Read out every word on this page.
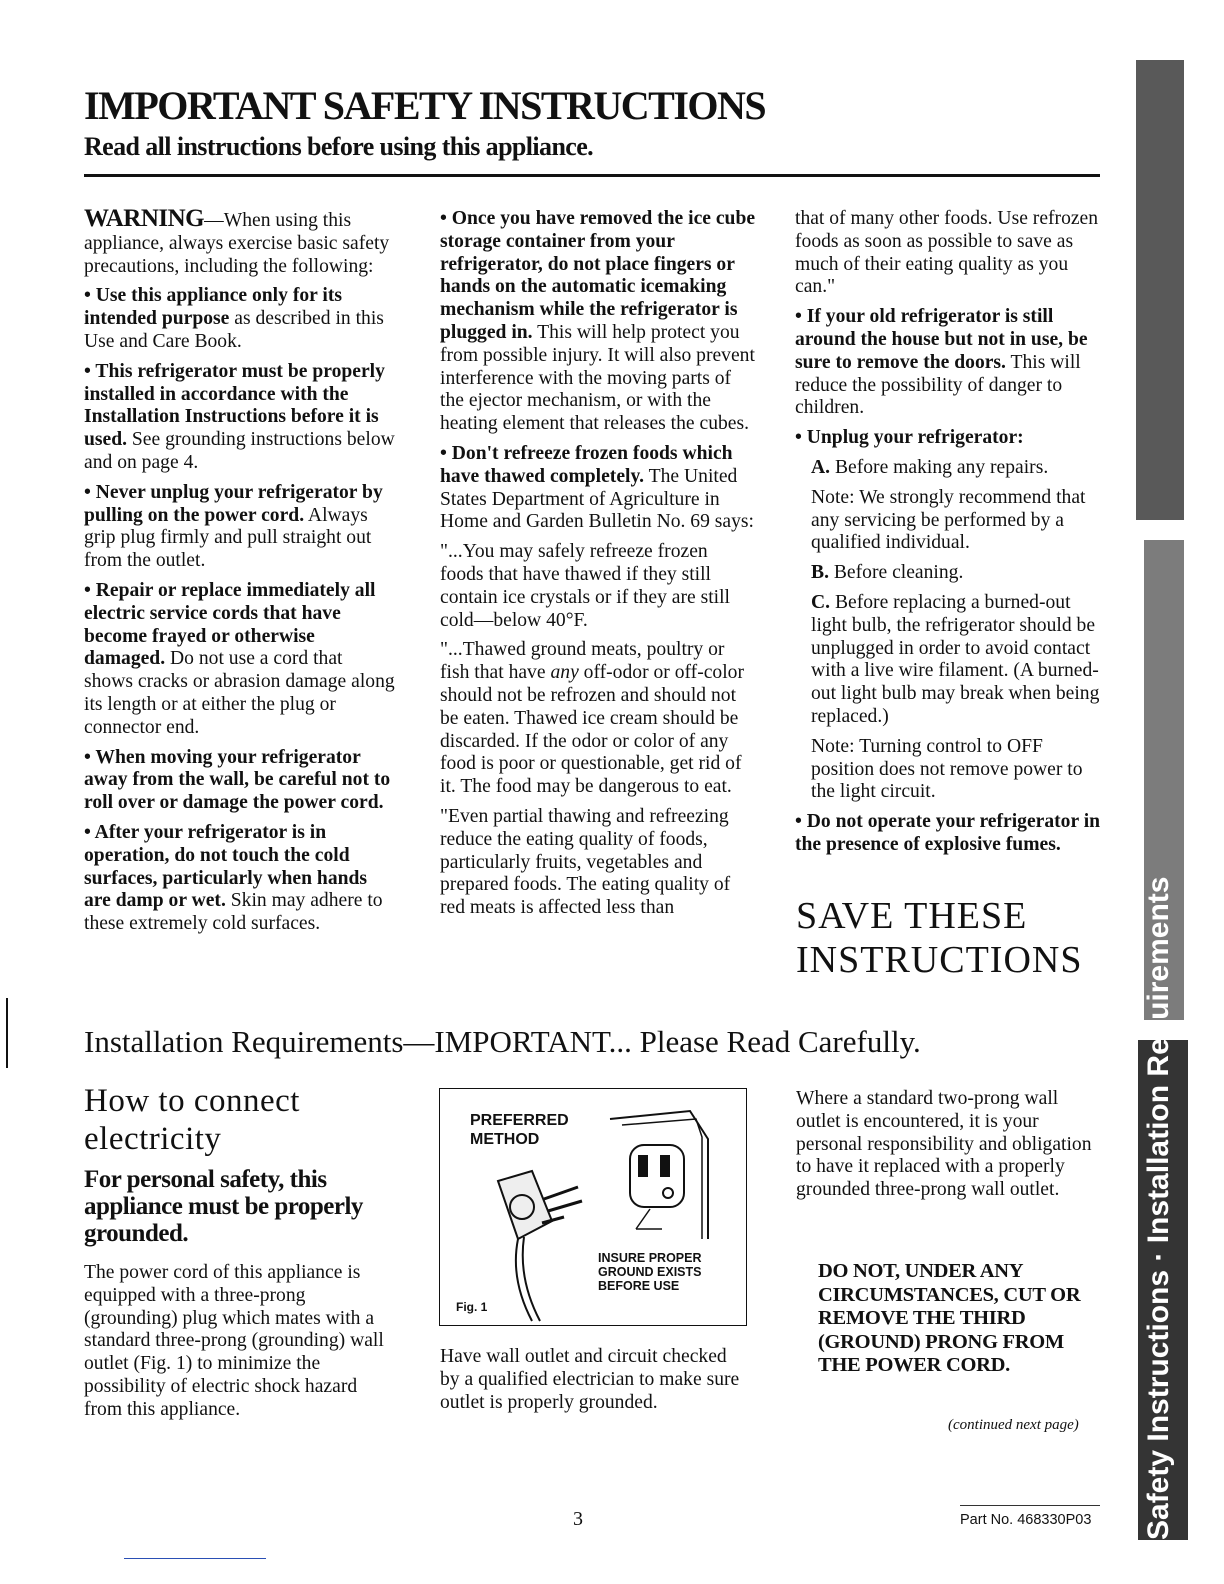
IMPORTANT SAFETY INSTRUCTIONS
Read all instructions before using this appliance.

WARNING—When using this appliance, always exercise basic safety precautions, including the following:

• Use this appliance only for its intended purpose as described in this Use and Care Book.

• This refrigerator must be properly installed in accordance with the Installation Instructions before it is used. See grounding instructions below and on page 4.

• Never unplug your refrigerator by pulling on the power cord. Always grip plug firmly and pull straight out from the outlet.

• Repair or replace immediately all electric service cords that have become frayed or otherwise damaged. Do not use a cord that shows cracks or abrasion damage along its length or at either the plug or connector end.

• When moving your refrigerator away from the wall, be careful not to roll over or damage the power cord.

• After your refrigerator is in operation, do not touch the cold surfaces, particularly when hands are damp or wet. Skin may adhere to these extremely cold surfaces.

• Once you have removed the ice cube storage container from your refrigerator, do not place fingers or hands on the automatic icemaking mechanism while the refrigerator is plugged in. This will help protect you from possible injury. It will also prevent interference with the moving parts of the ejector mechanism, or with the heating element that releases the cubes.

• Don't refreeze frozen foods which have thawed completely. The United States Department of Agriculture in Home and Garden Bulletin No. 69 says:

"...You may safely refreeze frozen foods that have thawed if they still contain ice crystals or if they are still cold—below 40°F.

"...Thawed ground meats, poultry or fish that have any off-odor or off-color should not be refrozen and should not be eaten. Thawed ice cream should be discarded. If the odor or color of any food is poor or questionable, get rid of it. The food may be dangerous to eat.

"Even partial thawing and refreezing reduce the eating quality of foods, particularly fruits, vegetables and prepared foods. The eating quality of red meats is affected less than

that of many other foods. Use refrozen foods as soon as possible to save as much of their eating quality as you can."

• If your old refrigerator is still around the house but not in use, be sure to remove the doors. This will reduce the possibility of danger to children.

• Unplug your refrigerator:

A. Before making any repairs.

Note: We strongly recommend that any servicing be performed by a qualified individual.

B. Before cleaning.

C. Before replacing a burned-out light bulb, the refrigerator should be unplugged in order to avoid contact with a live wire filament. (A burned-out light bulb may break when being replaced.)

Note: Turning control to OFF position does not remove power to the light circuit.

• Do not operate your refrigerator in the presence of explosive fumes.

SAVE THESE
INSTRUCTIONS
Installation Requirements—IMPORTANT... Please Read Carefully.
How to connect electricity
For personal safety, this appliance must be properly grounded.

The power cord of this appliance is equipped with a three-prong (grounding) plug which mates with a standard three-prong (grounding) wall outlet (Fig. 1) to minimize the possibility of electric shock hazard from this appliance.

PREFERRED
METHOD
INSURE PROPER
GROUND EXISTS
BEFORE USE
Fig. 1

Have wall outlet and circuit checked by a qualified electrician to make sure outlet is properly grounded.

Where a standard two-prong wall outlet is encountered, it is your personal responsibility and obligation to have it replaced with a properly grounded three-prong wall outlet.

DO NOT, UNDER ANY CIRCUMSTANCES, CUT OR REMOVE THE THIRD (GROUND) PRONG FROM THE POWER CORD.

(continued next page)
3	Part No. 468330P03 Safety Instructions · Installation Requirements
